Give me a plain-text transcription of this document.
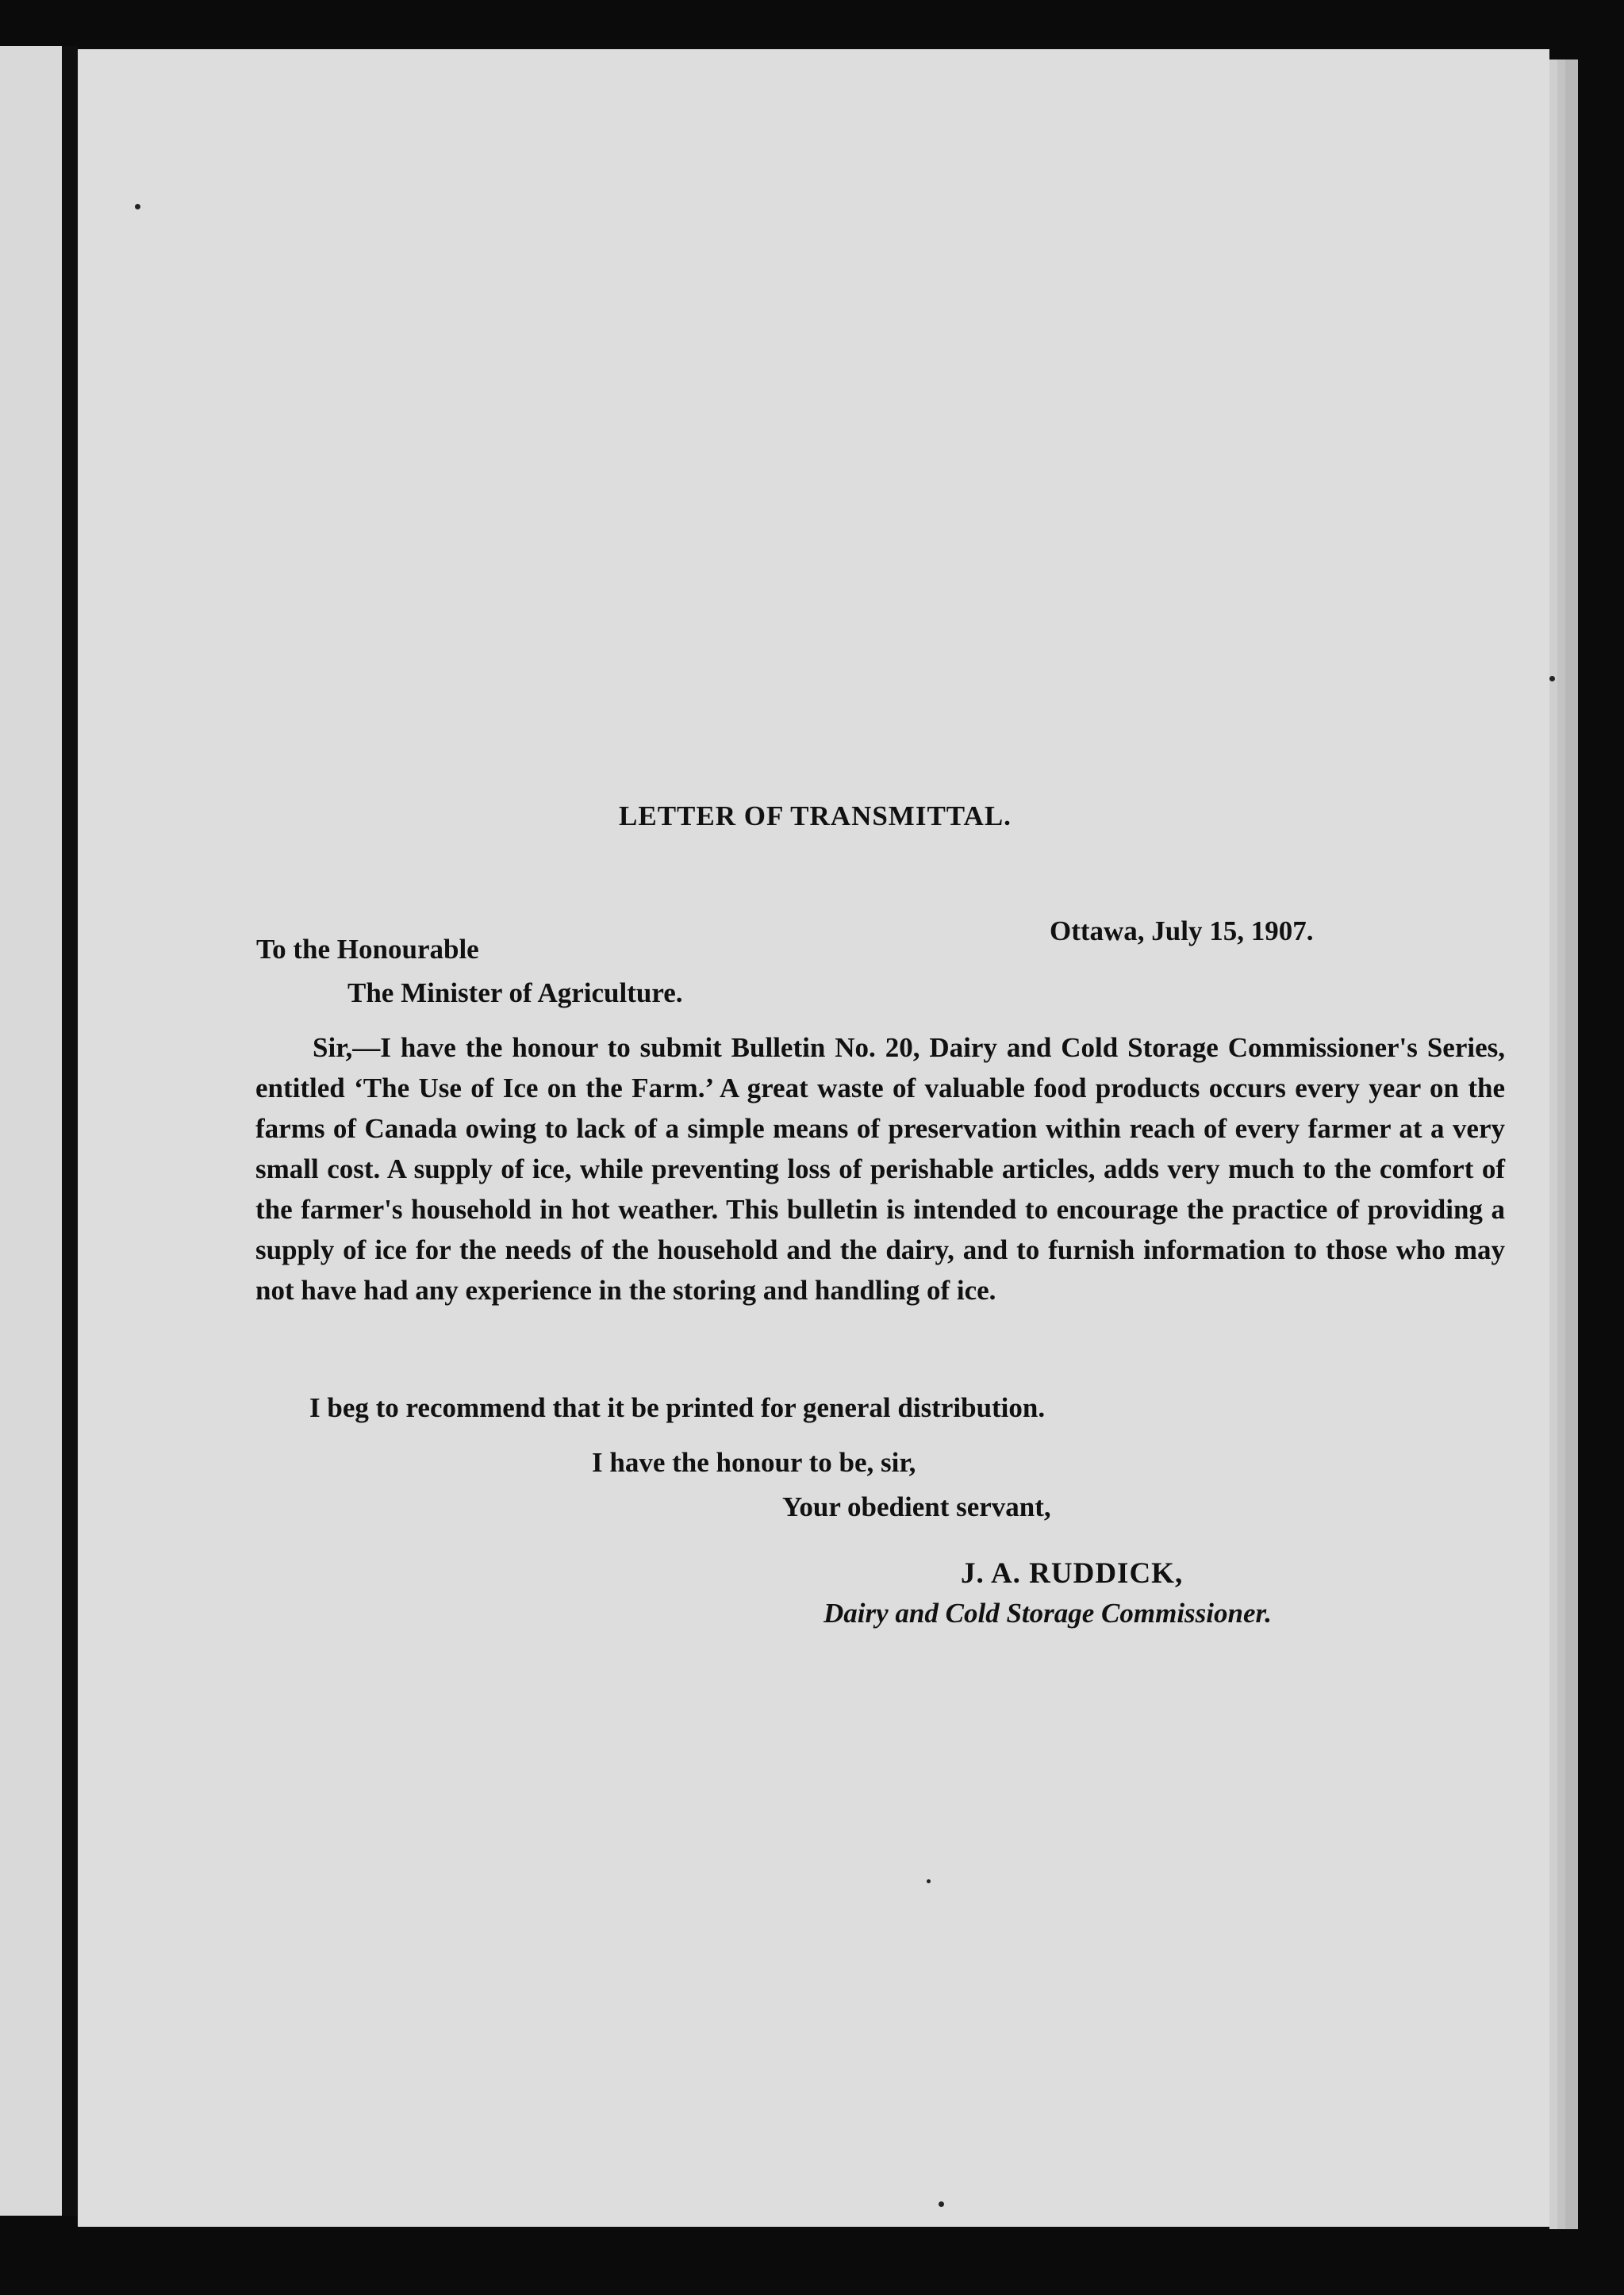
LETTER OF TRANSMITTAL.

Ottawa, July 15, 1907.

To the Honourable

The Minister of Agriculture.

Sir,—I have the honour to submit Bulletin No. 20, Dairy and Cold Storage Commissioner's Series, entitled ‘The Use of Ice on the Farm.’ A great waste of valuable food products occurs every year on the farms of Canada owing to lack of a simple means of preservation within reach of every farmer at a very small cost. A supply of ice, while preventing loss of perishable articles, adds very much to the comfort of the farmer's household in hot weather. This bulletin is intended to encourage the practice of providing a supply of ice for the needs of the household and the dairy, and to furnish information to those who may not have had any experience in the storing and handling of ice.

I beg to recommend that it be printed for general distribution.

I have the honour to be, sir,

Your obedient servant,

J. A. RUDDICK,

Dairy and Cold Storage Commissioner.
